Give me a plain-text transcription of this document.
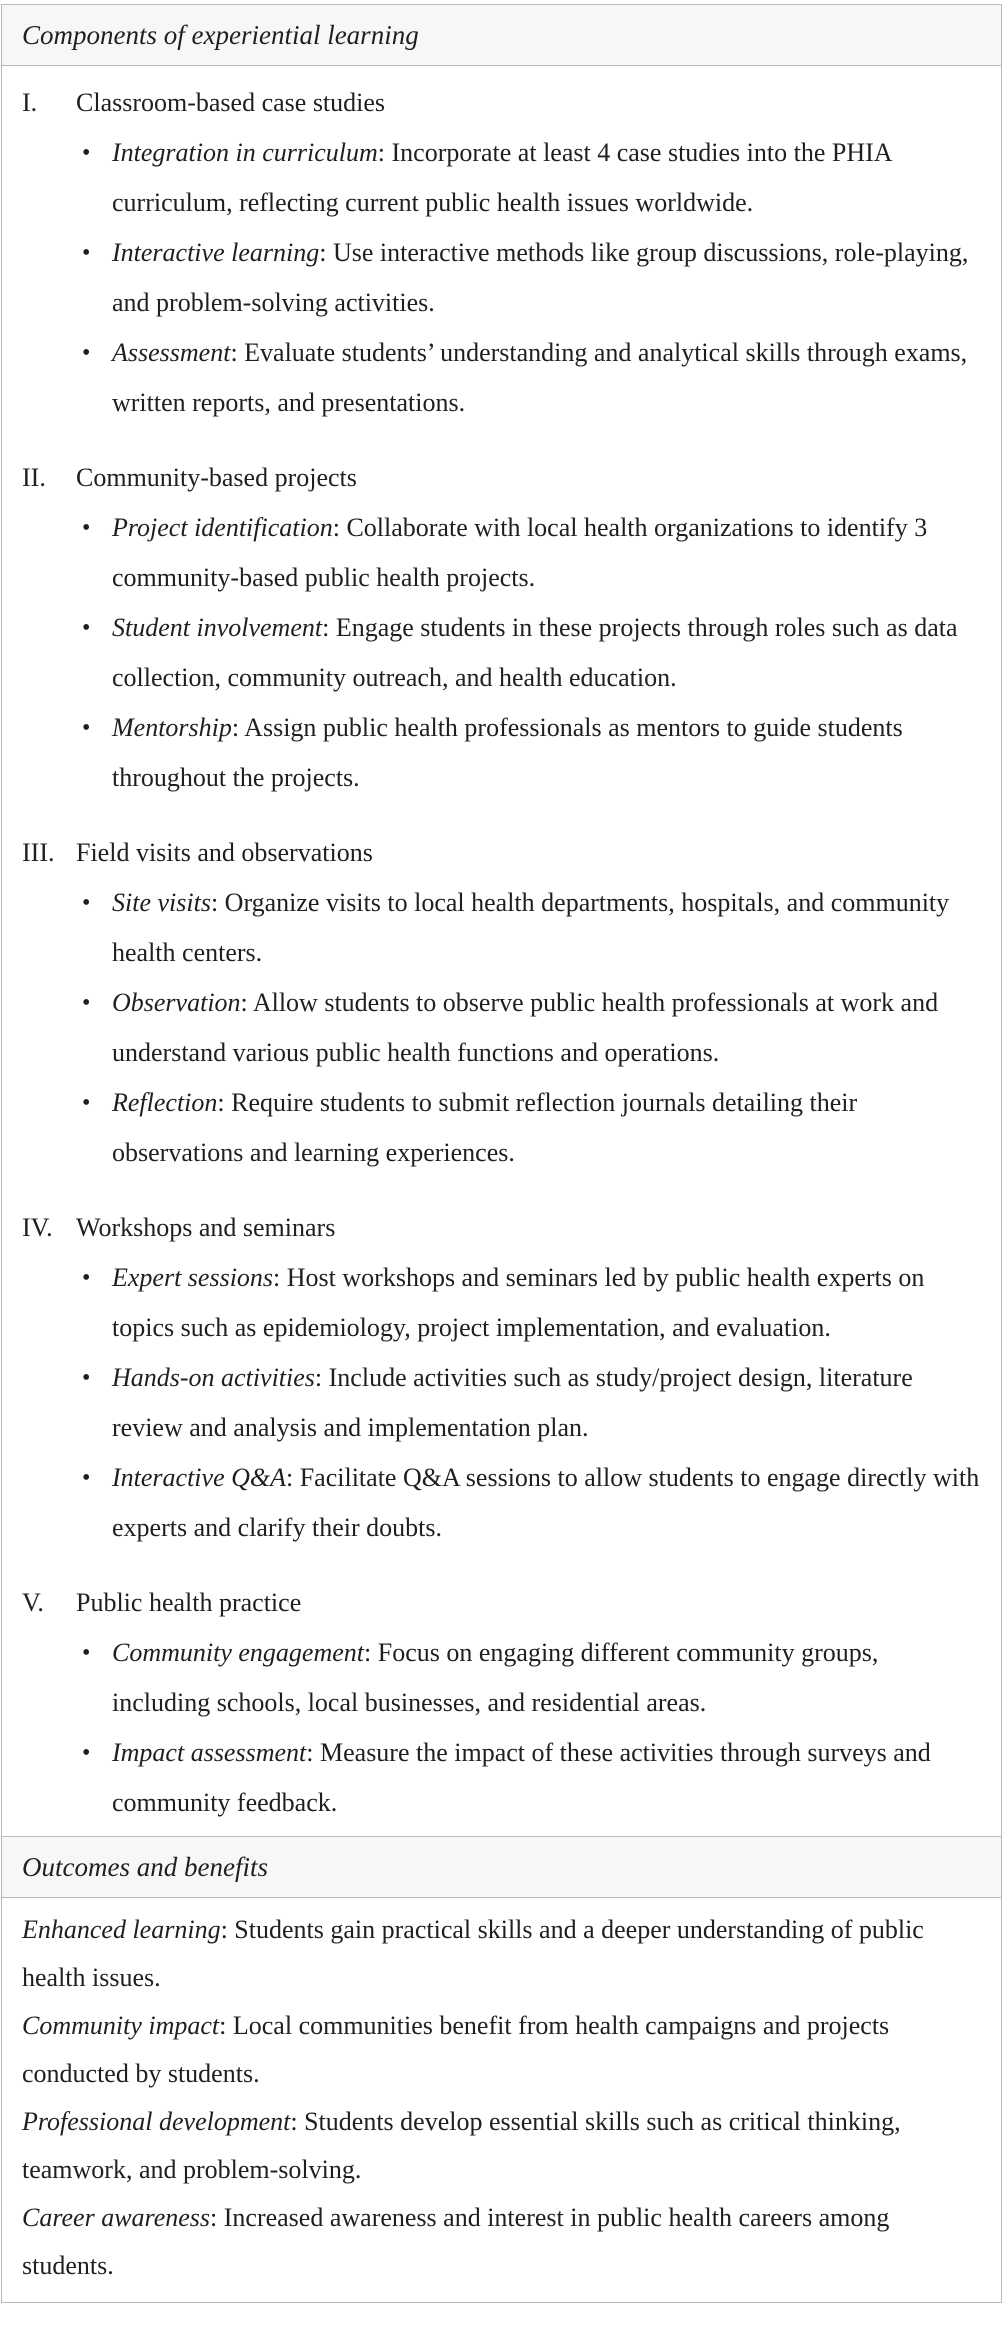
Components of experiential learning
I.	Classroom-based case studies
• Integration in curriculum: Incorporate at least 4 case studies into the PHIA curriculum, reflecting current public health issues worldwide.
• Interactive learning: Use interactive methods like group discussions, role-playing, and problem-solving activities.
• Assessment: Evaluate students’ understanding and analytical skills through exams, written reports, and presentations.
II.	Community-based projects
• Project identification: Collaborate with local health organizations to identify 3 community-based public health projects.
• Student involvement: Engage students in these projects through roles such as data collection, community outreach, and health education.
• Mentorship: Assign public health professionals as mentors to guide students throughout the projects.
III. Field visits and observations
• Site visits: Organize visits to local health departments, hospitals, and community health centers.
• Observation: Allow students to observe public health professionals at work and understand various public health functions and operations.
• Reflection: Require students to submit reflection journals detailing their observations and learning experiences.
IV. Workshops and seminars
• Expert sessions: Host workshops and seminars led by public health experts on topics such as epidemiology, project implementation, and evaluation.
• Hands-on activities: Include activities such as study/project design, literature review and analysis and implementation plan.
• Interactive Q&A: Facilitate Q&A sessions to allow students to engage directly with experts and clarify their doubts.
V.	Public health practice
• Community engagement: Focus on engaging different community groups, including schools, local businesses, and residential areas.
• Impact assessment: Measure the impact of these activities through surveys and community feedback.
Outcomes and benefits

Enhanced learning: Students gain practical skills and a deeper understanding of public health issues.

Community impact: Local communities benefit from health campaigns and projects conducted by students.

Professional development: Students develop essential skills such as critical thinking, teamwork, and problem-solving.

Career awareness: Increased awareness and interest in public health careers among students.
